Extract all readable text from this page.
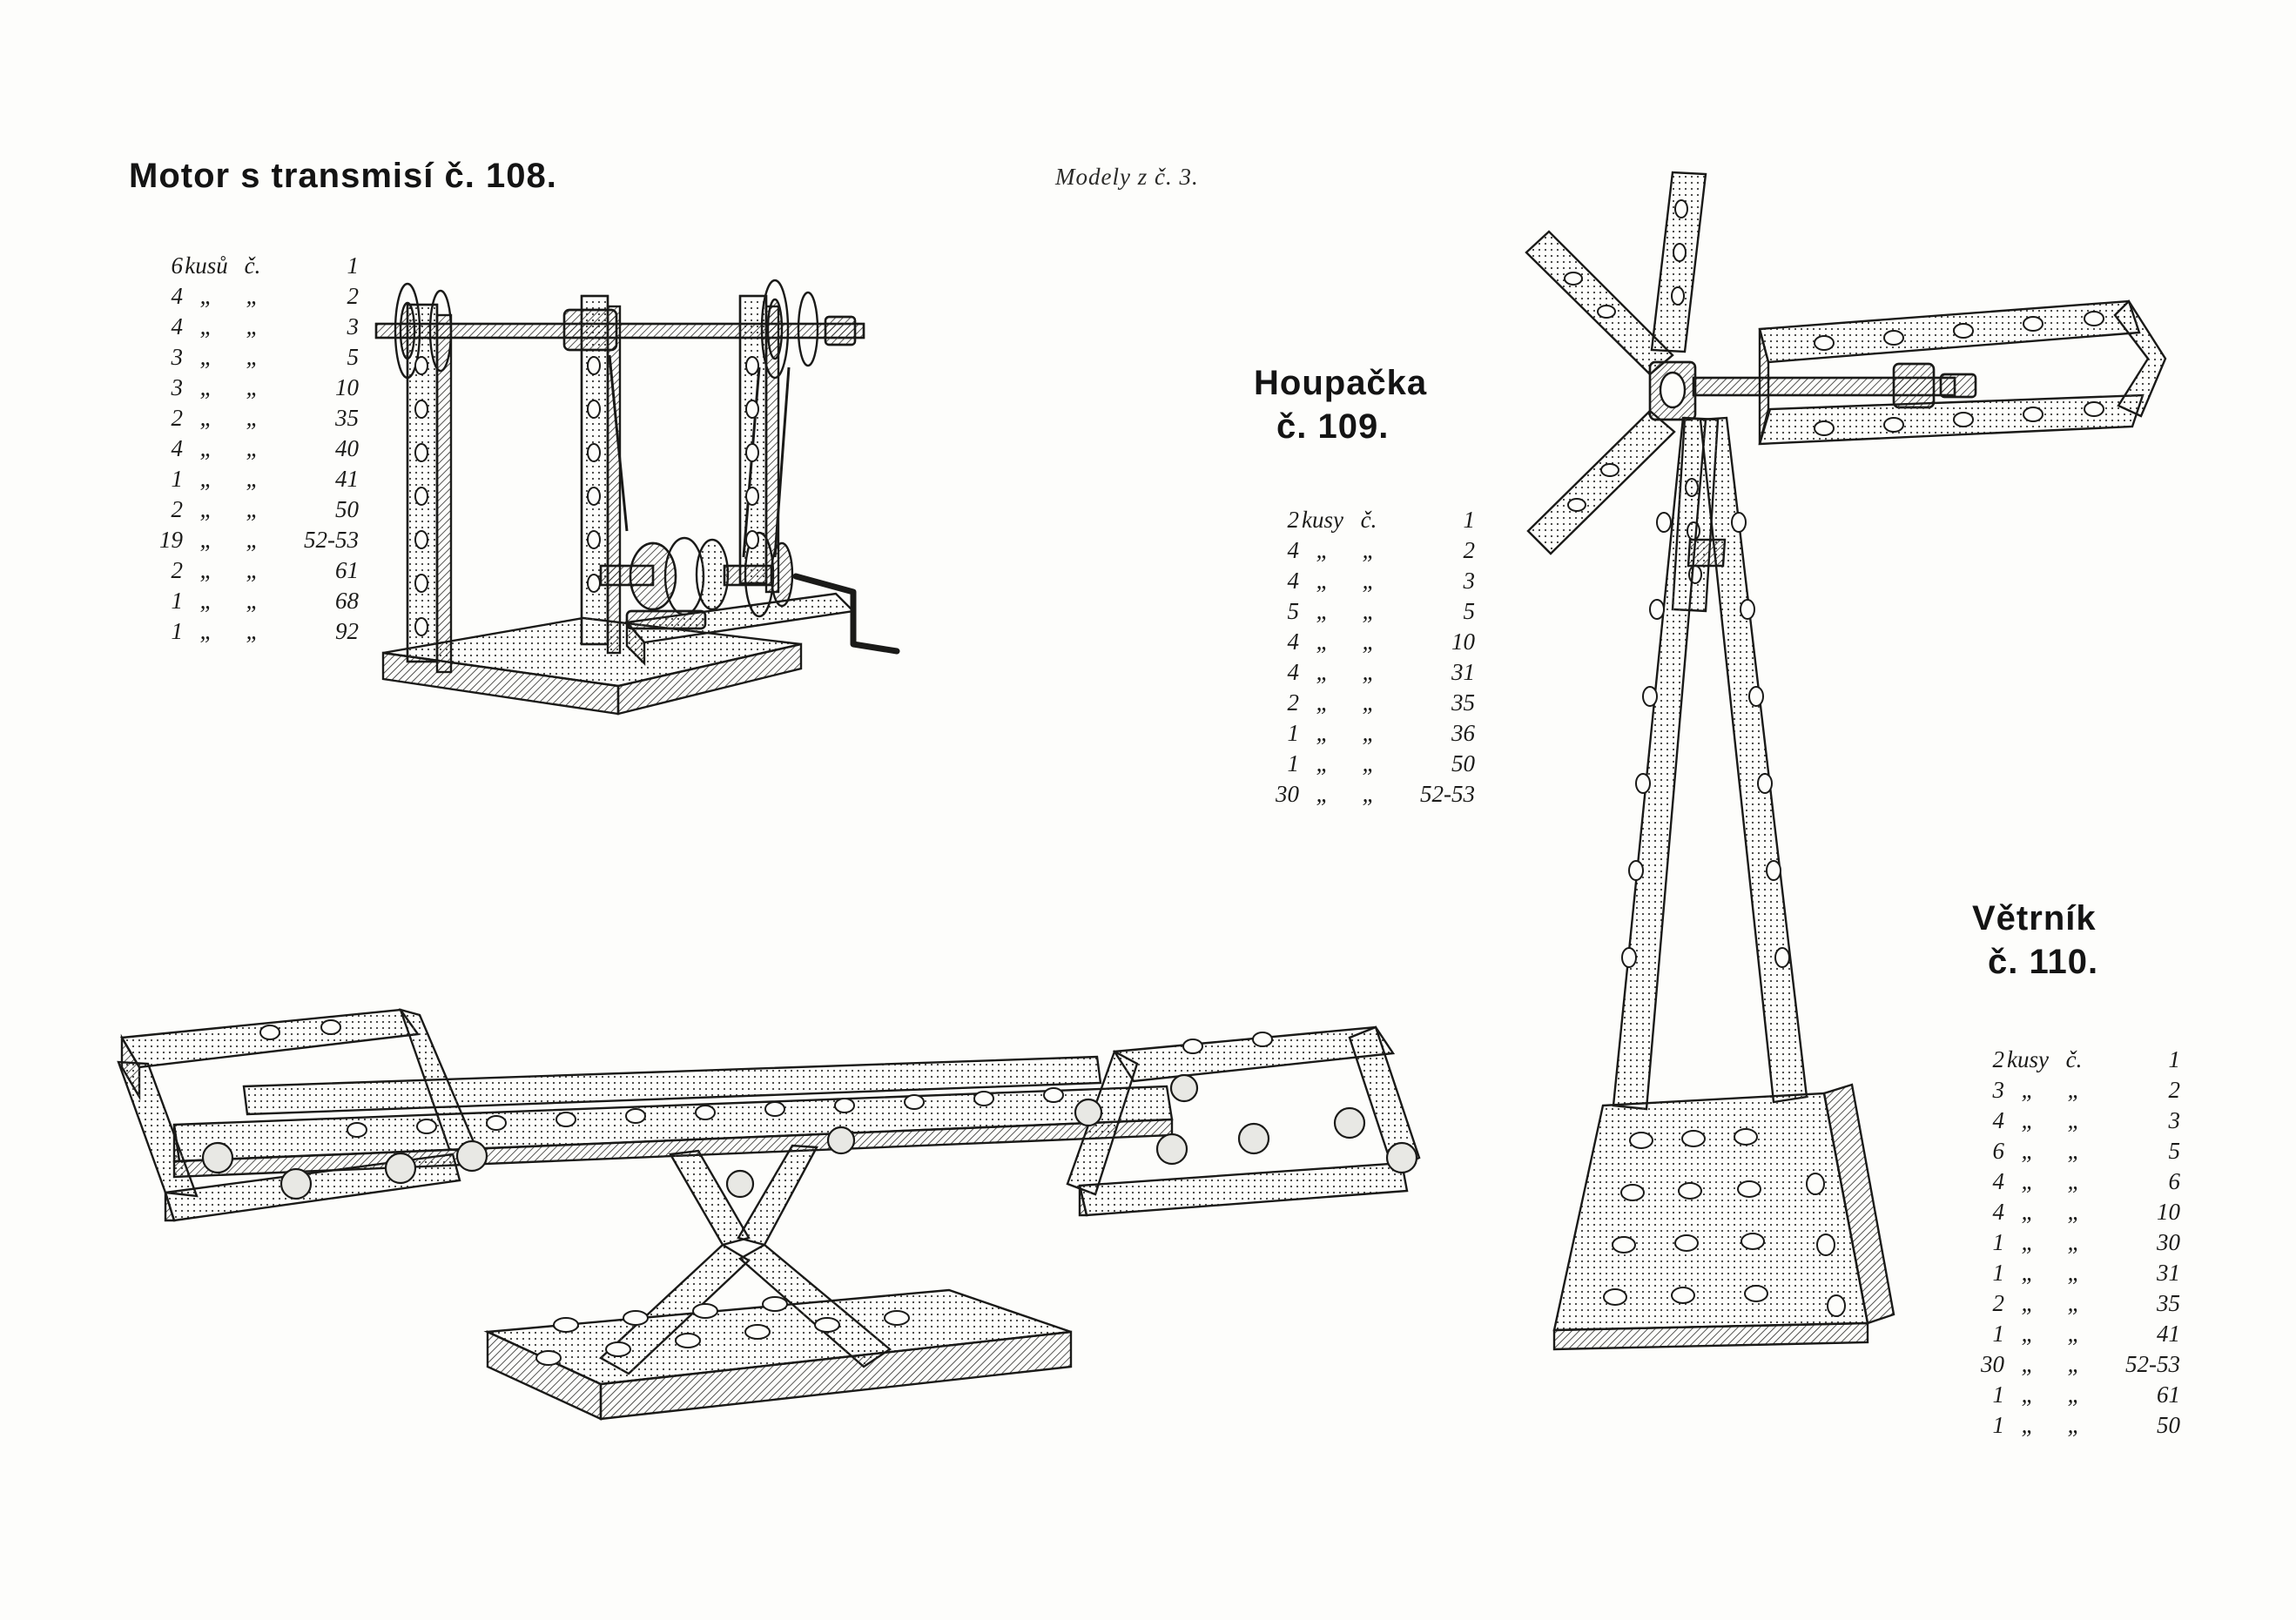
Motor s transmisí č. 108.	Modely z č. 3.
Houpačka
č. 109.
Větrník
č. 110.
6	kusů	č.	1
4	„	„	2
4	„	„	3
3	„	„	5
3	„	„	10
2	„	„	35
4	„	„	40
1	„	„	41
2	„	„	50
19	„	„	52-53
2	„	„	61
1	„	„	68
1	„	„	92
2	kusy	č.	1
4	„	„	2
4	„	„	3
5	„	„	5
4	„	„	10
4	„	„	31
2	„	„	35
1	„	„	36
1	„	„	50
30	„	„	52-53
2	kusy	č.	1
3	„	„	2
4	„	„	3
6	„	„	5
4	„	„	6
4	„	„	10
1	„	„	30
1	„	„	31
2	„	„	35
1	„	„	41
30	„	„	52-53
1	„	„	61
1	„	„	50
